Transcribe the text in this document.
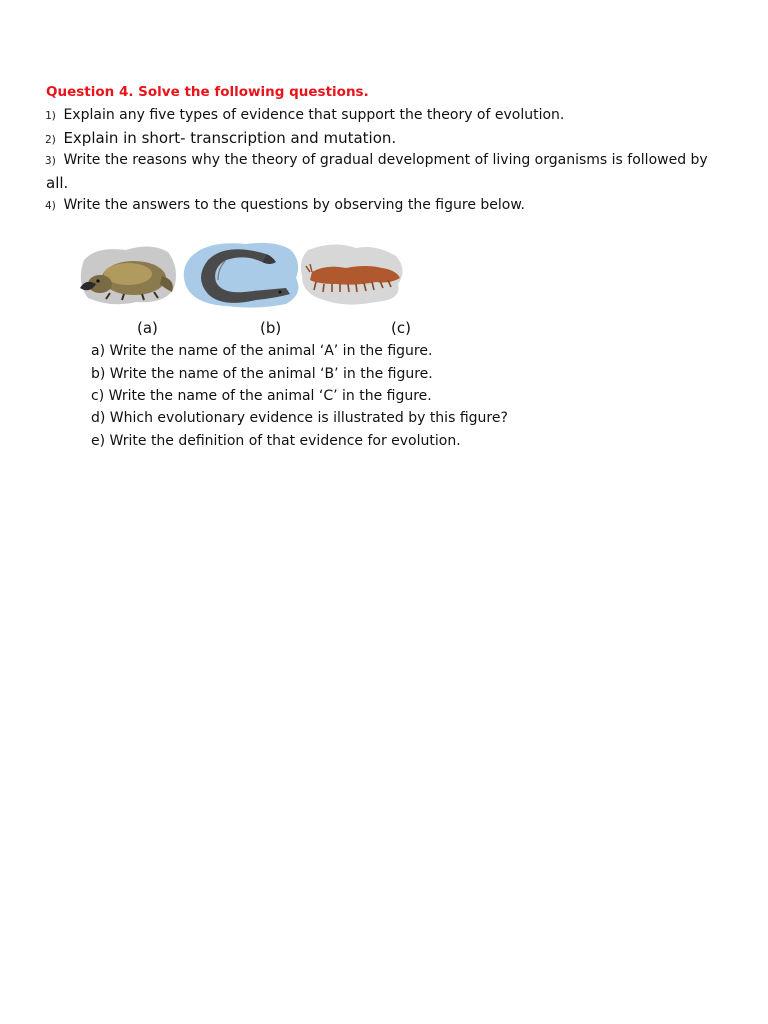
Question 4. Solve the following questions.
1) Explain any five types of evidence that support the theory of evolution.
2) Explain in short- transcription and mutation.
3) Write the reasons why the theory of gradual development of living organisms is followed by
all.
4) Write the answers to the questions by observing the figure below.
(a)	(b)	(c)
a) Write the name of the animal ‘A’ in the figure.
b) Write the name of the animal ‘B’ in the figure.
c) Write the name of the animal ‘C’ in the figure.
d) Which evolutionary evidence is illustrated by this figure?
e) Write the definition of that evidence for evolution.
